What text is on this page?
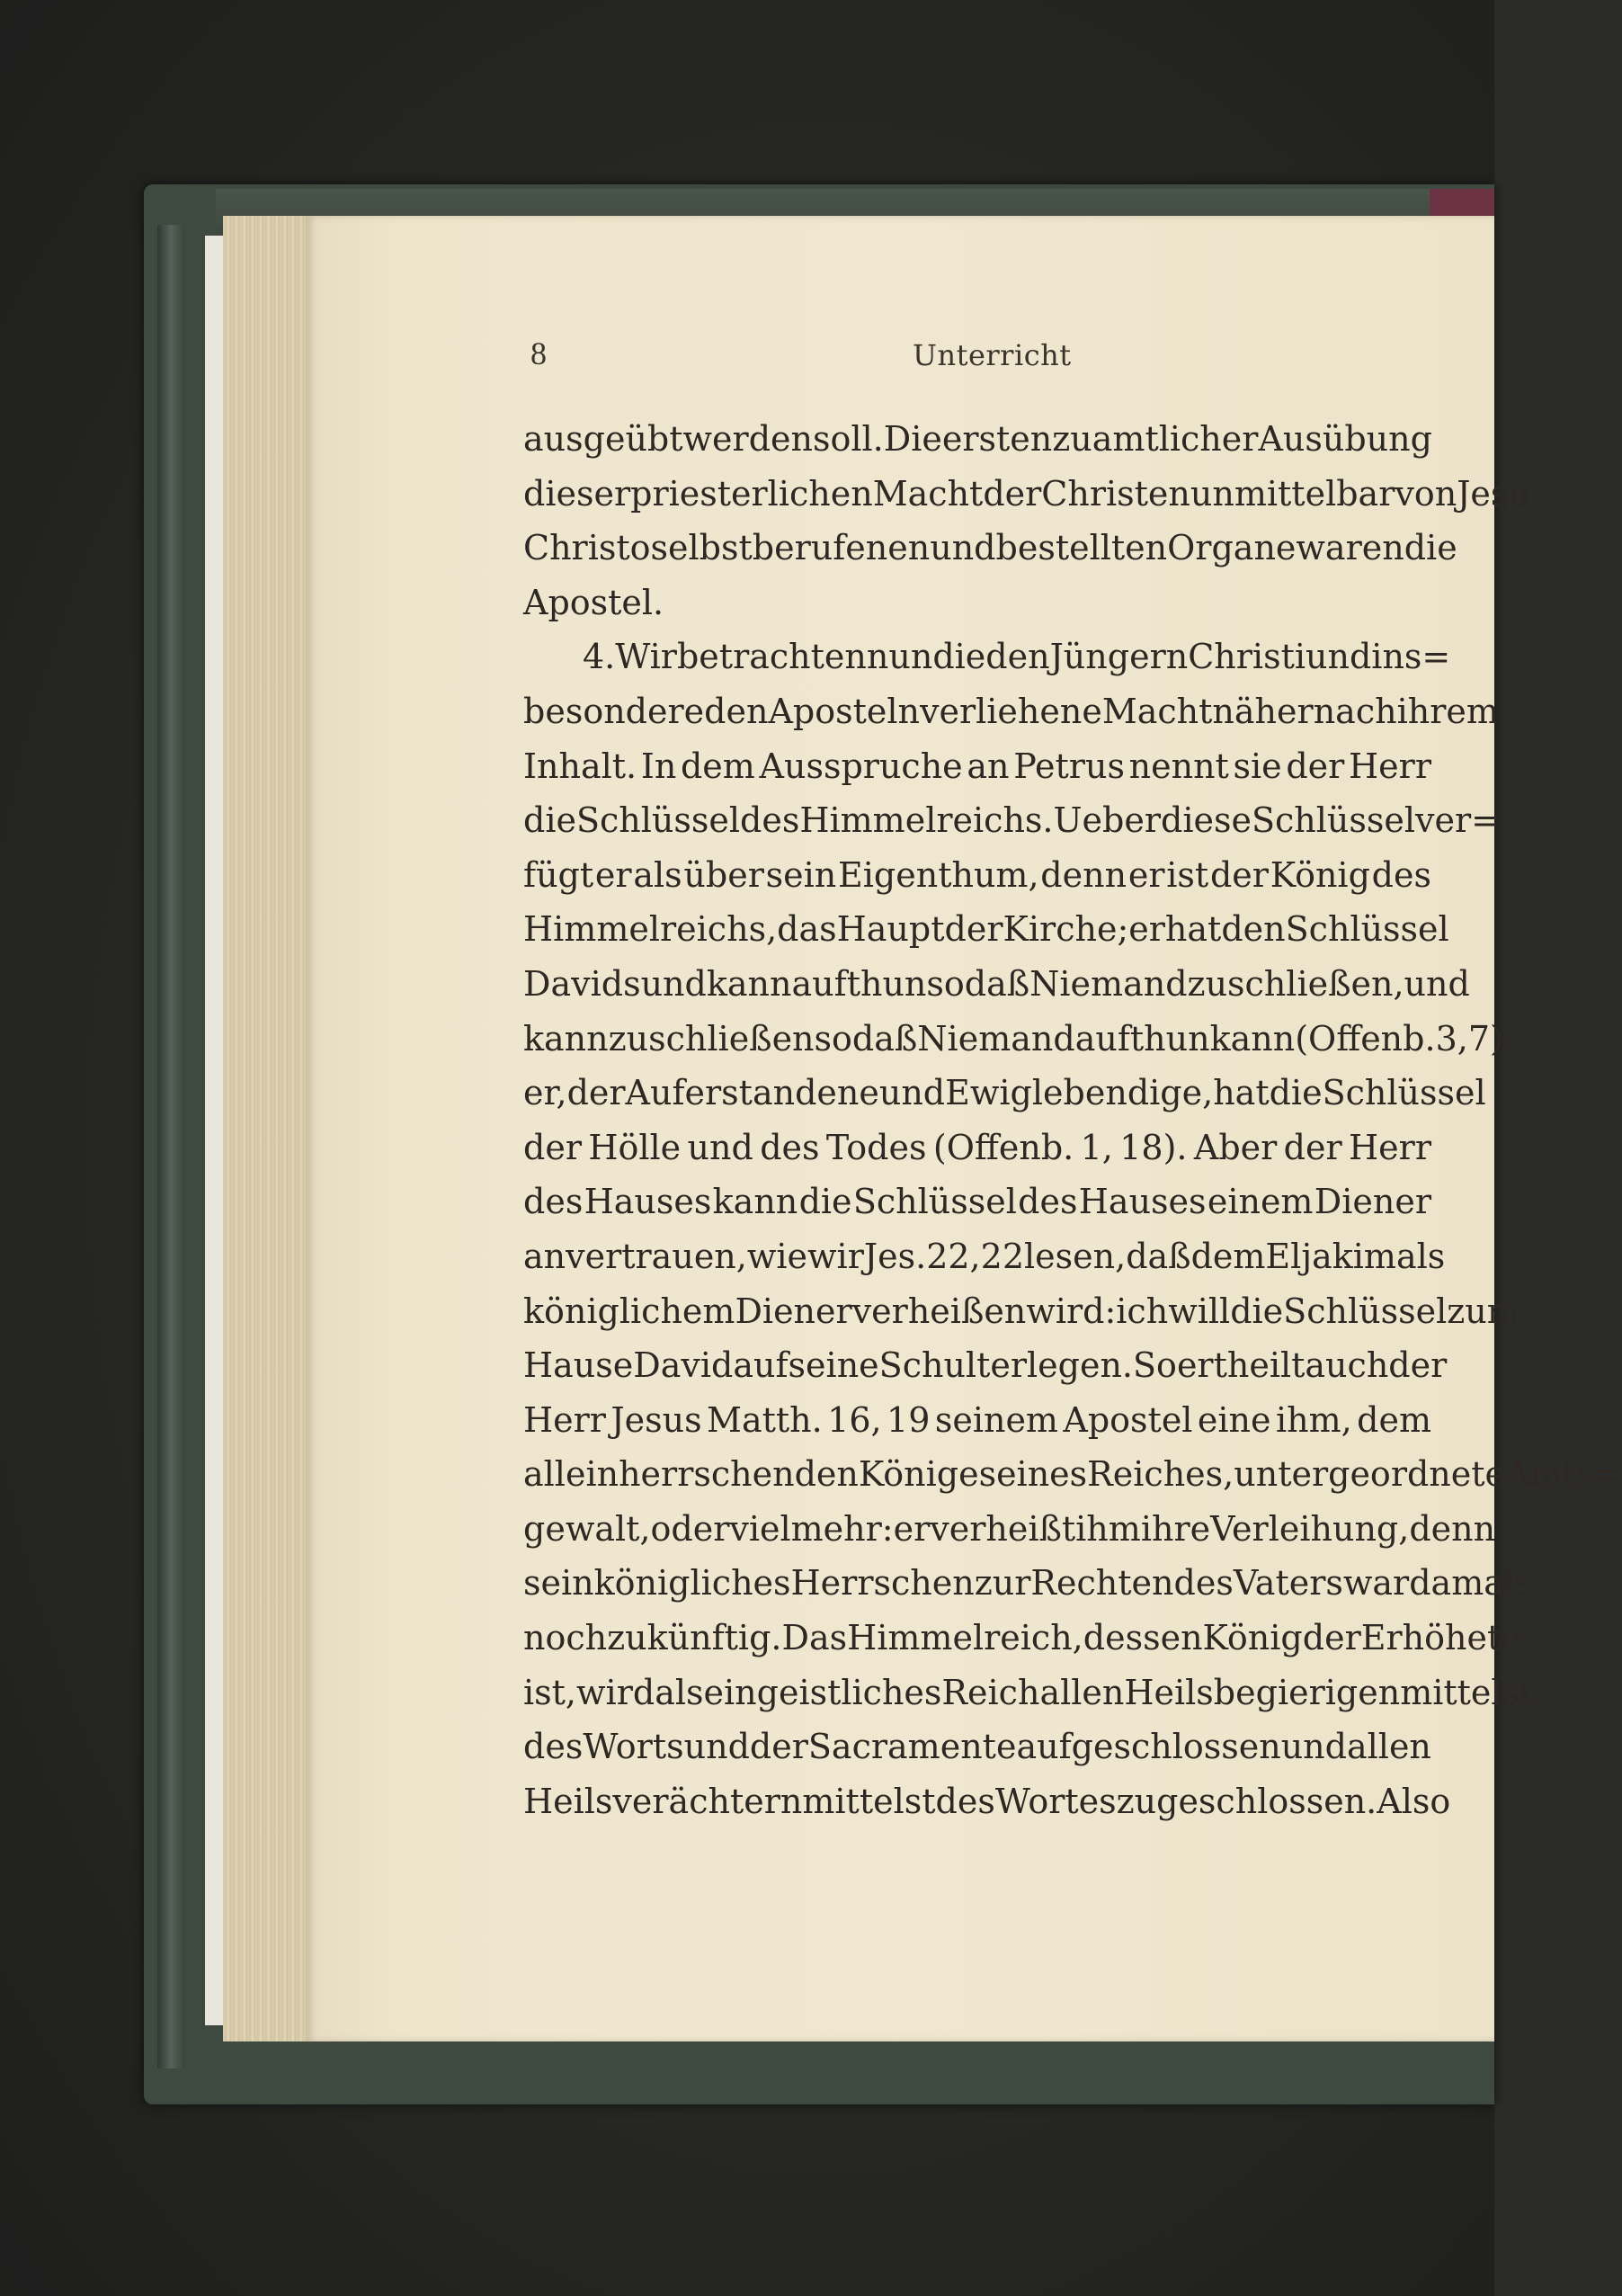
8	Unterricht
ausgeübt werden soll. Die ersten zu amtlicher Ausübung
dieser priesterlichen Macht der Christen unmittelbar von Jesu
Christo selbst berufenen und bestellten Organe waren die
Apostel.
4. Wir betrachten nun die den Jüngern Christi und ins=
besondere den Aposteln verliehene Macht näher nach ihrem
Inhalt. In dem Ausspruche an Petrus nennt sie der Herr
die Schlüssel des Himmelreichs. Ueber diese Schlüssel ver=
fügt er als über sein Eigenthum, denn er ist der König des
Himmelreichs, das Haupt der Kirche; er hat den Schlüssel
Davids und kann aufthun so daß Niemand zuschließen, und
kann zuschließen so daß Niemand aufthun kann (Offenb. 3, 7);
er, der Auferstandene und Ewiglebendige, hat die Schlüssel
der Hölle und des Todes (Offenb. 1, 18). Aber der Herr
des Hauses kann die Schlüssel des Hauses einem Diener
anvertrauen, wie wir Jes. 22, 22 lesen, daß dem Eljakim als
königlichem Diener verheißen wird: ich will die Schlüssel zum
Hause David auf seine Schulter legen. So ertheilt auch der
Herr Jesus Matth. 16, 19 seinem Apostel eine ihm, dem
alleinherrschenden Könige seines Reiches, untergeordnete Amts=
gewalt, oder vielmehr: er verheißt ihm ihre Verleihung, denn
sein königliches Herrschen zur Rechten des Vaters war damals
noch zukünftig. Das Himmelreich, dessen König der Erhöhete
ist, wird als ein geistliches Reich allen Heilsbegierigen mittelst
des Worts und der Sacramente aufgeschlossen und allen
Heilsverächtern mittelst des Wortes zugeschlossen. Also
